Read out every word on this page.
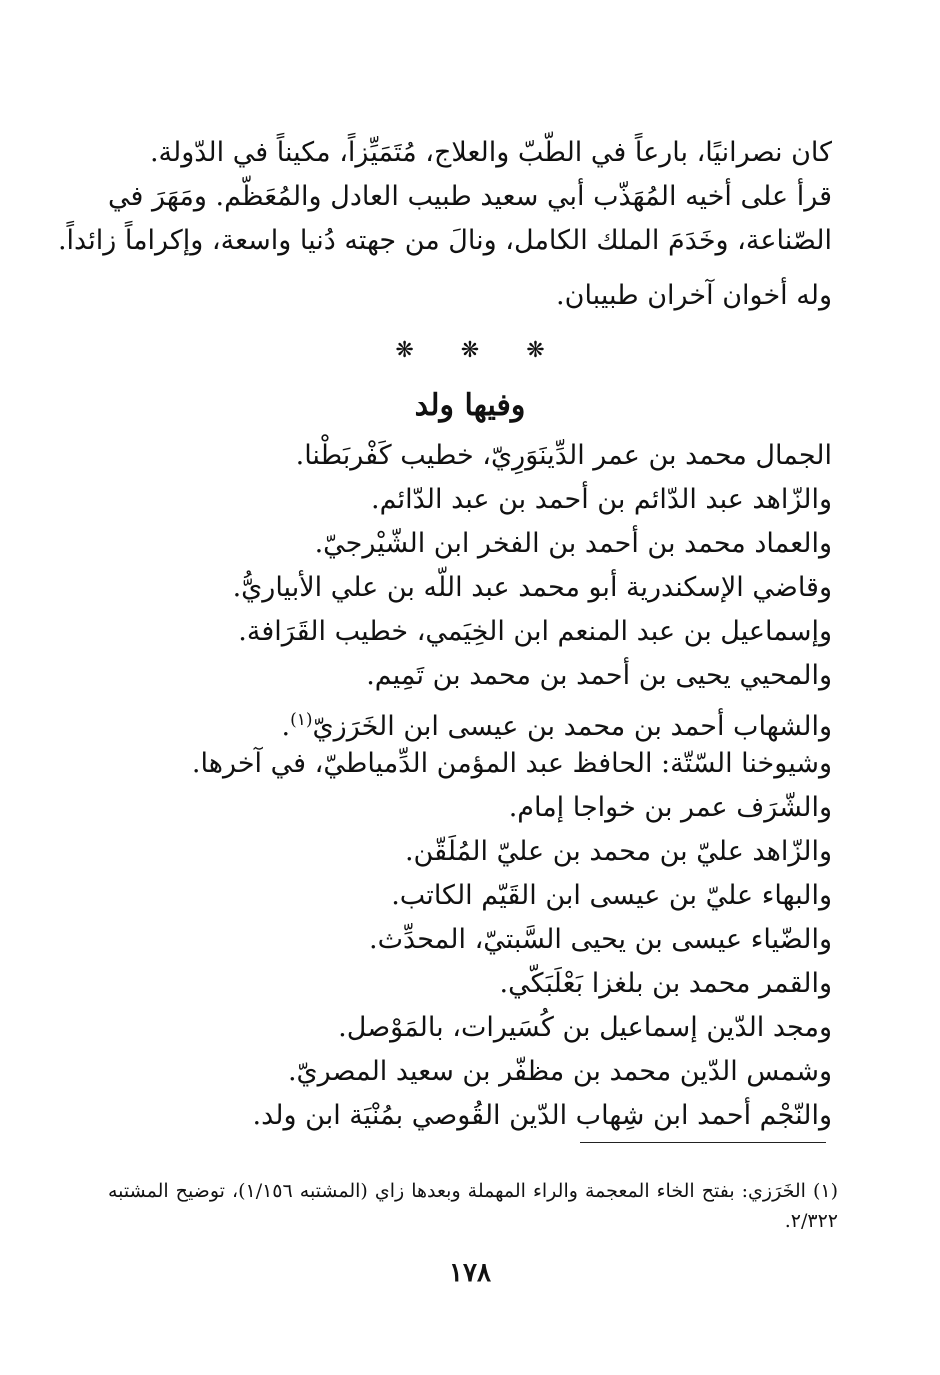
كان نصرانيًا، بارعاً في الطّبّ والعلاج، مُتَمَيِّزاً، مكيناً في الدّولة.
قرأ على أخيه المُهَذّب أبي سعيد طبيب العادل والمُعَظّم. ومَهَرَ في
الصّناعة، وخَدَمَ الملك الكامل، ونالَ من جهته دُنيا واسعة، وإكراماً زائداً.
وله أخوان آخران طبيبان.
❋ ❋ ❋
وفيها ولد
الجمال محمد بن عمر الدِّينَوَرِيّ، خطيب كَفْربَطْنا.
والزّاهد عبد الدّائم بن أحمد بن عبد الدّائم.
والعماد محمد بن أحمد بن الفخر ابن الشّيْرجيّ.
وقاضي الإسكندرية أبو محمد عبد اللّه بن علي الأبياريُّ.
وإسماعيل بن عبد المنعم ابن الخِيَمي، خطيب القَرَافة.
والمحيي يحيى بن أحمد بن محمد بن تَمِيم.
والشهاب أحمد بن محمد بن عيسى ابن الخَرَزيّ$^{(١)}$.
وشيوخنا السّتّة: الحافظ عبد المؤمن الدِّمياطيّ، في آخرها.
والشّرَف عمر بن خواجا إمام.
والزّاهد عليّ بن محمد بن عليّ المُلَقّن.
والبهاء عليّ بن عيسى ابن القَيّم الكاتب.
والضّياء عيسى بن يحيى السَّبتيّ، المحدِّث.
والقمر محمد بن بلغزا بَعْلَبَكّي.
ومجد الدّين إسماعيل بن كُسَيرات، بالمَوْصل.
وشمس الدّين محمد بن مظفّر بن سعيد المصريّ.
والنّجْم أحمد ابن شِهاب الدّين القُوصي بمُنْيَة ابن ولد.
(١) الخَرَزي: بفتح الخاء المعجمة والراء المهملة وبعدها زاي (المشتبه ١/١٥٦)، توضيح المشتبه
٢/٣٢٢.
١٧٨
